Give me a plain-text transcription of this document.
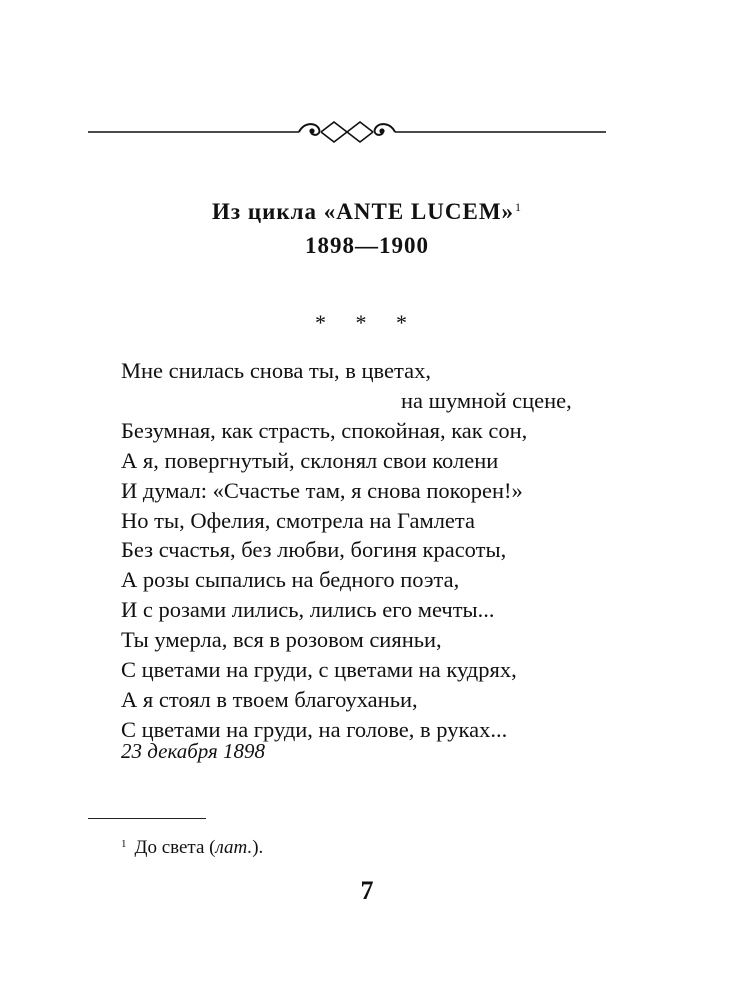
Из цикла «ANTE LUCEM»$^1$
1898—1900
* * *
Мне снилась снова ты, в цветах,
на шумной сцене,
Безумная, как страсть, спокойная, как сон,
А я, повергнутый, склонял свои колени
И думал: «Счастье там, я снова покорен!»
Но ты, Офелия, смотрела на Гамлета
Без счастья, без любви, богиня красоты,
А розы сыпались на бедного поэта,
И с розами лились, лились его мечты...
Ты умерла, вся в розовом сияньи,
С цветами на груди, с цветами на кудрях,
А я стоял в твоем благоуханьи,
С цветами на груди, на голове, в руках...
23 декабря 1898
$^1$ До света (лат.).
7
